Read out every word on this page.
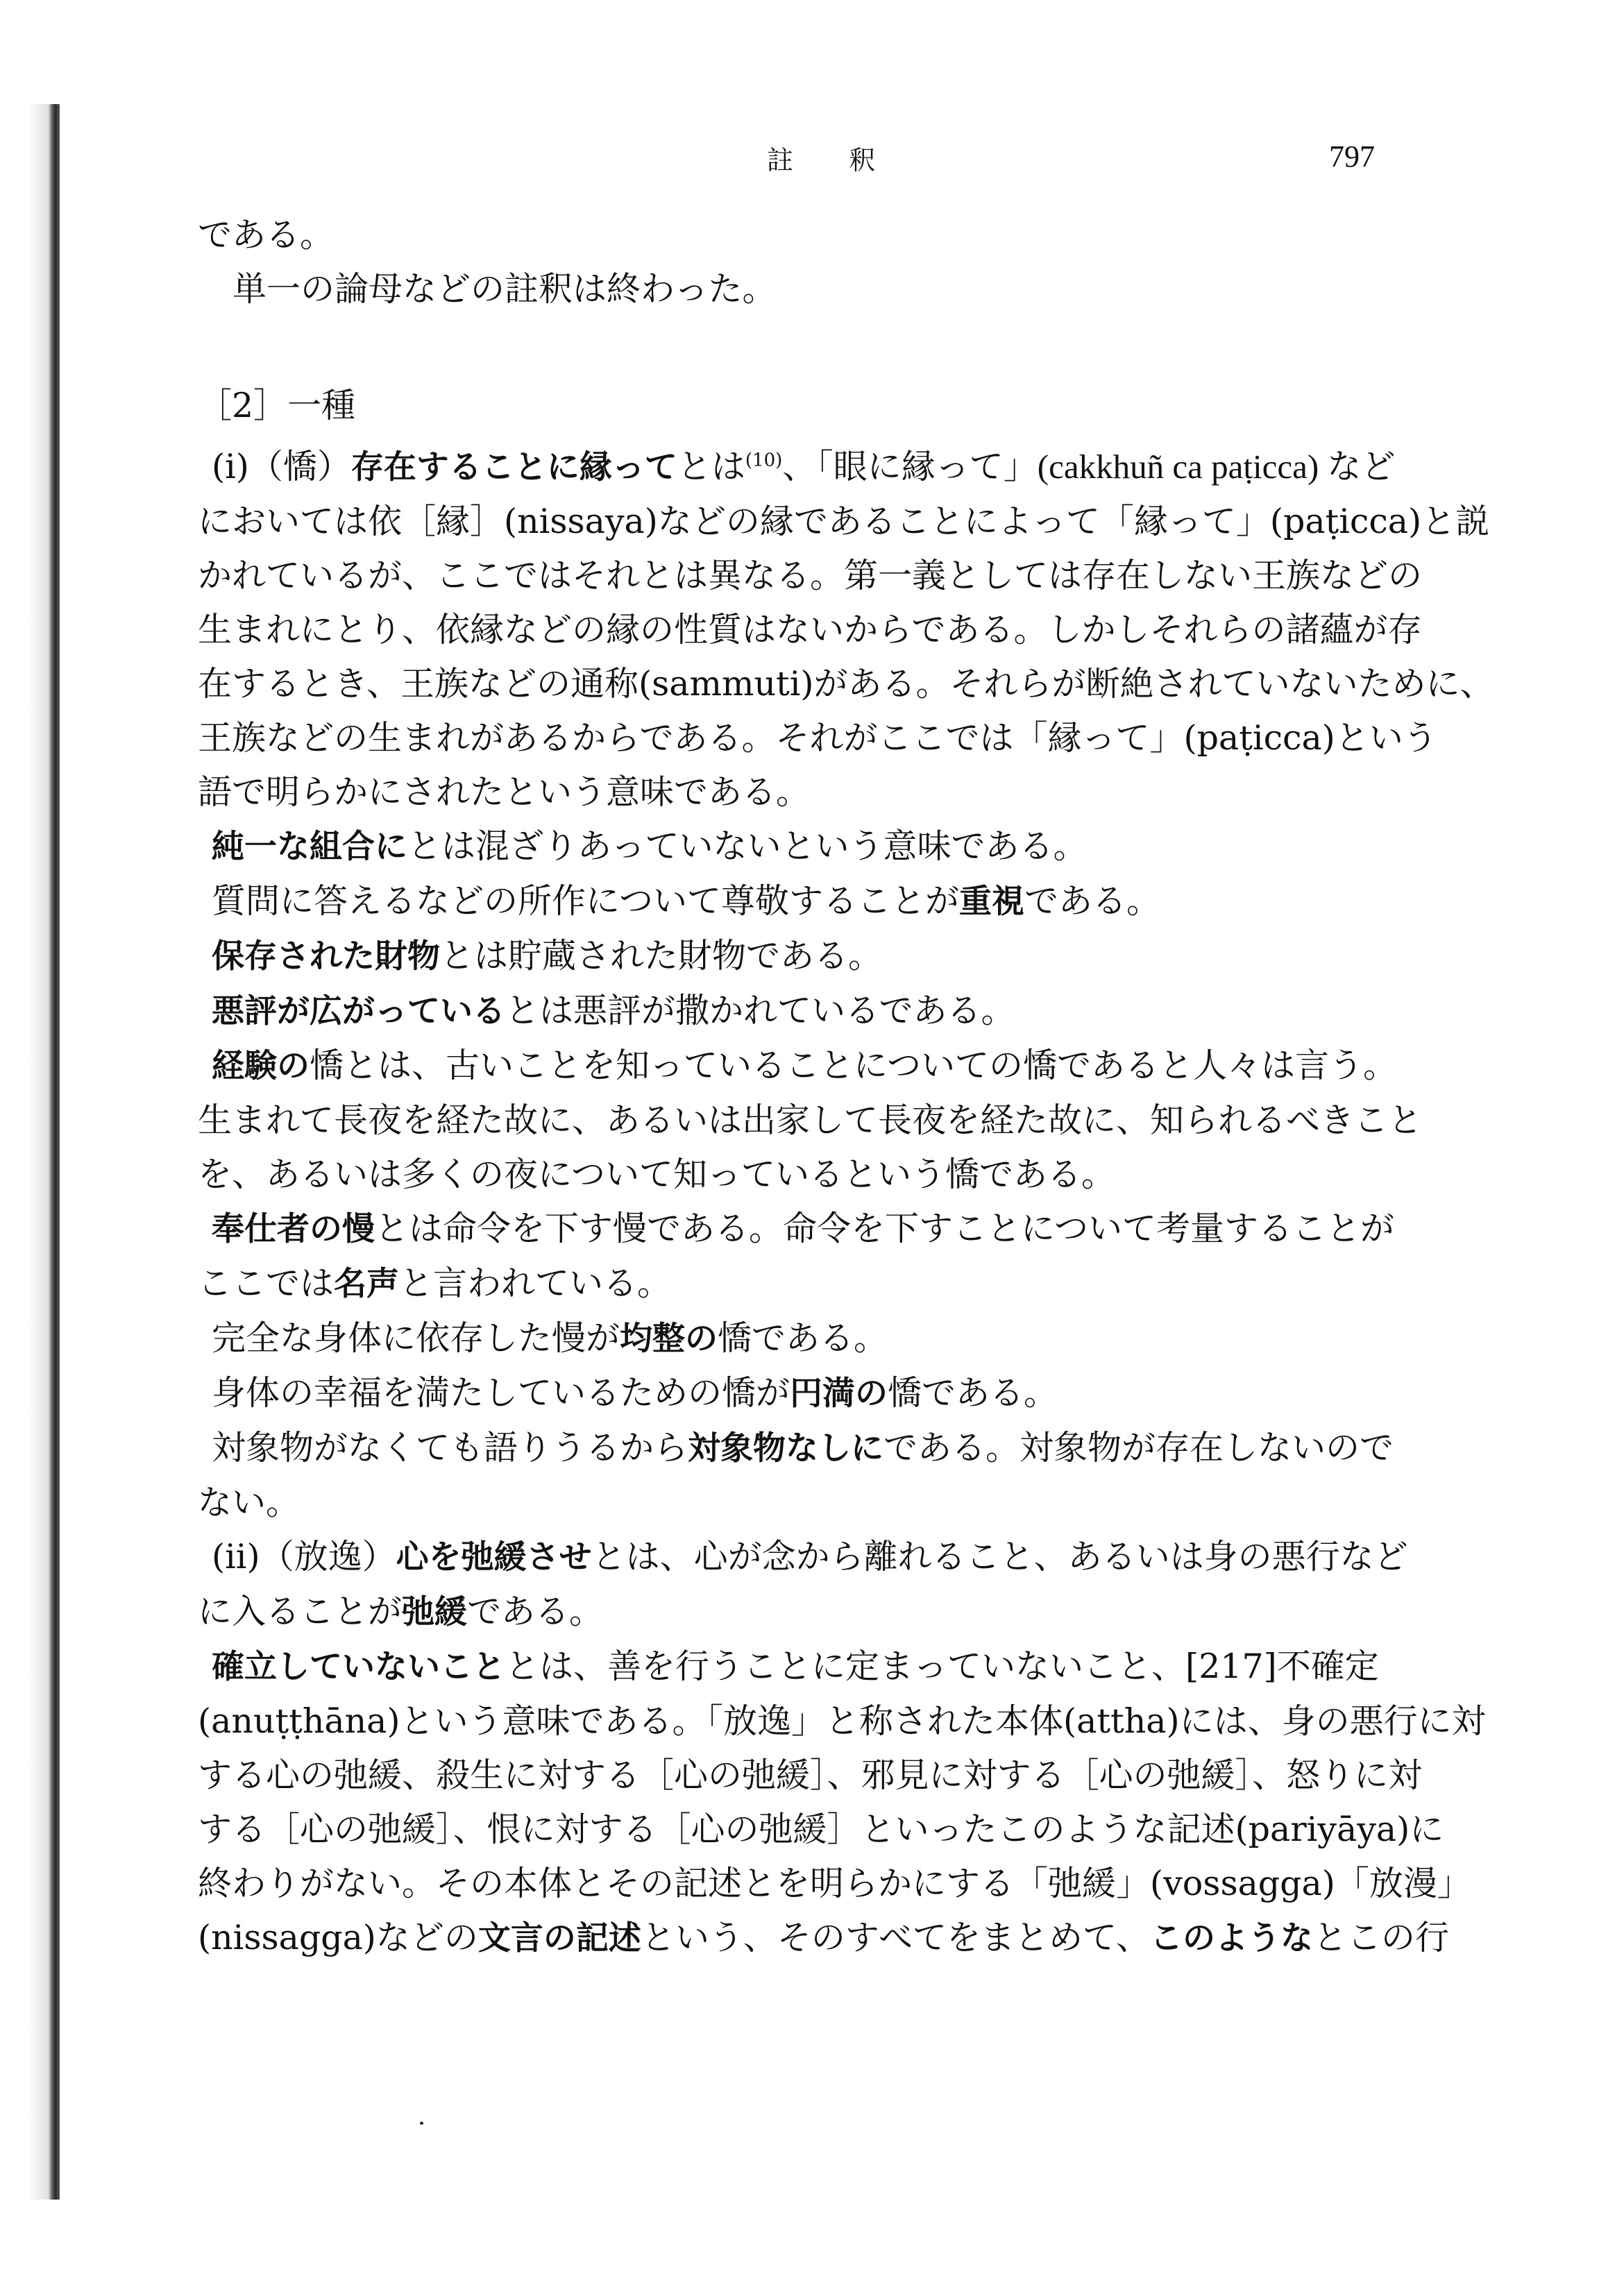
註 釈	797

である。

単一の論母などの註釈は終わった。

［2］一種

(i)（憍）存在することに縁ってとは$^{(10)}$、「眼に縁って」(cakkhuñ ca paṭicca) など

においては依［縁］(nissaya)などの縁であることによって「縁って」(paṭicca)と説

かれているが、ここではそれとは異なる。第一義としては存在しない王族などの

生まれにとり、依縁などの縁の性質はないからである。しかしそれらの諸蘊が存

在するとき、王族などの通称(sammuti)がある。それらが断絶されていないために、

王族などの生まれがあるからである。それがここでは「縁って」(paṭicca)という

語で明らかにされたという意味である。

純一な組合にとは混ざりあっていないという意味である。

質問に答えるなどの所作について尊敬することが重視である。

保存された財物とは貯蔵された財物である。

悪評が広がっているとは悪評が撒かれているである。

経験の憍とは、古いことを知っていることについての憍であると人々は言う。

生まれて長夜を経た故に、あるいは出家して長夜を経た故に、知られるべきこと

を、あるいは多くの夜について知っているという憍である。

奉仕者の慢とは命令を下す慢である。命令を下すことについて考量することが

ここでは名声と言われている。

完全な身体に依存した慢が均整の憍である。

身体の幸福を満たしているための憍が円満の憍である。

対象物がなくても語りうるから対象物なしにである。対象物が存在しないので

ない。

(ii)（放逸）心を弛緩させとは、心が念から離れること、あるいは身の悪行など

に入ることが弛緩である。

確立していないこととは、善を行うことに定まっていないこと、[217]不確定

(anuṭṭhāna)という意味である。「放逸」と称された本体(attha)には、身の悪行に対

する心の弛緩、殺生に対する［心の弛緩］、邪見に対する［心の弛緩］、怒りに対

する［心の弛緩］、恨に対する［心の弛緩］といったこのような記述(pariyāya)に

終わりがない。その本体とその記述とを明らかにする「弛緩」(vossagga)「放漫」

(nissagga)などの文言の記述という、そのすべてをまとめて、このようなとこの行
